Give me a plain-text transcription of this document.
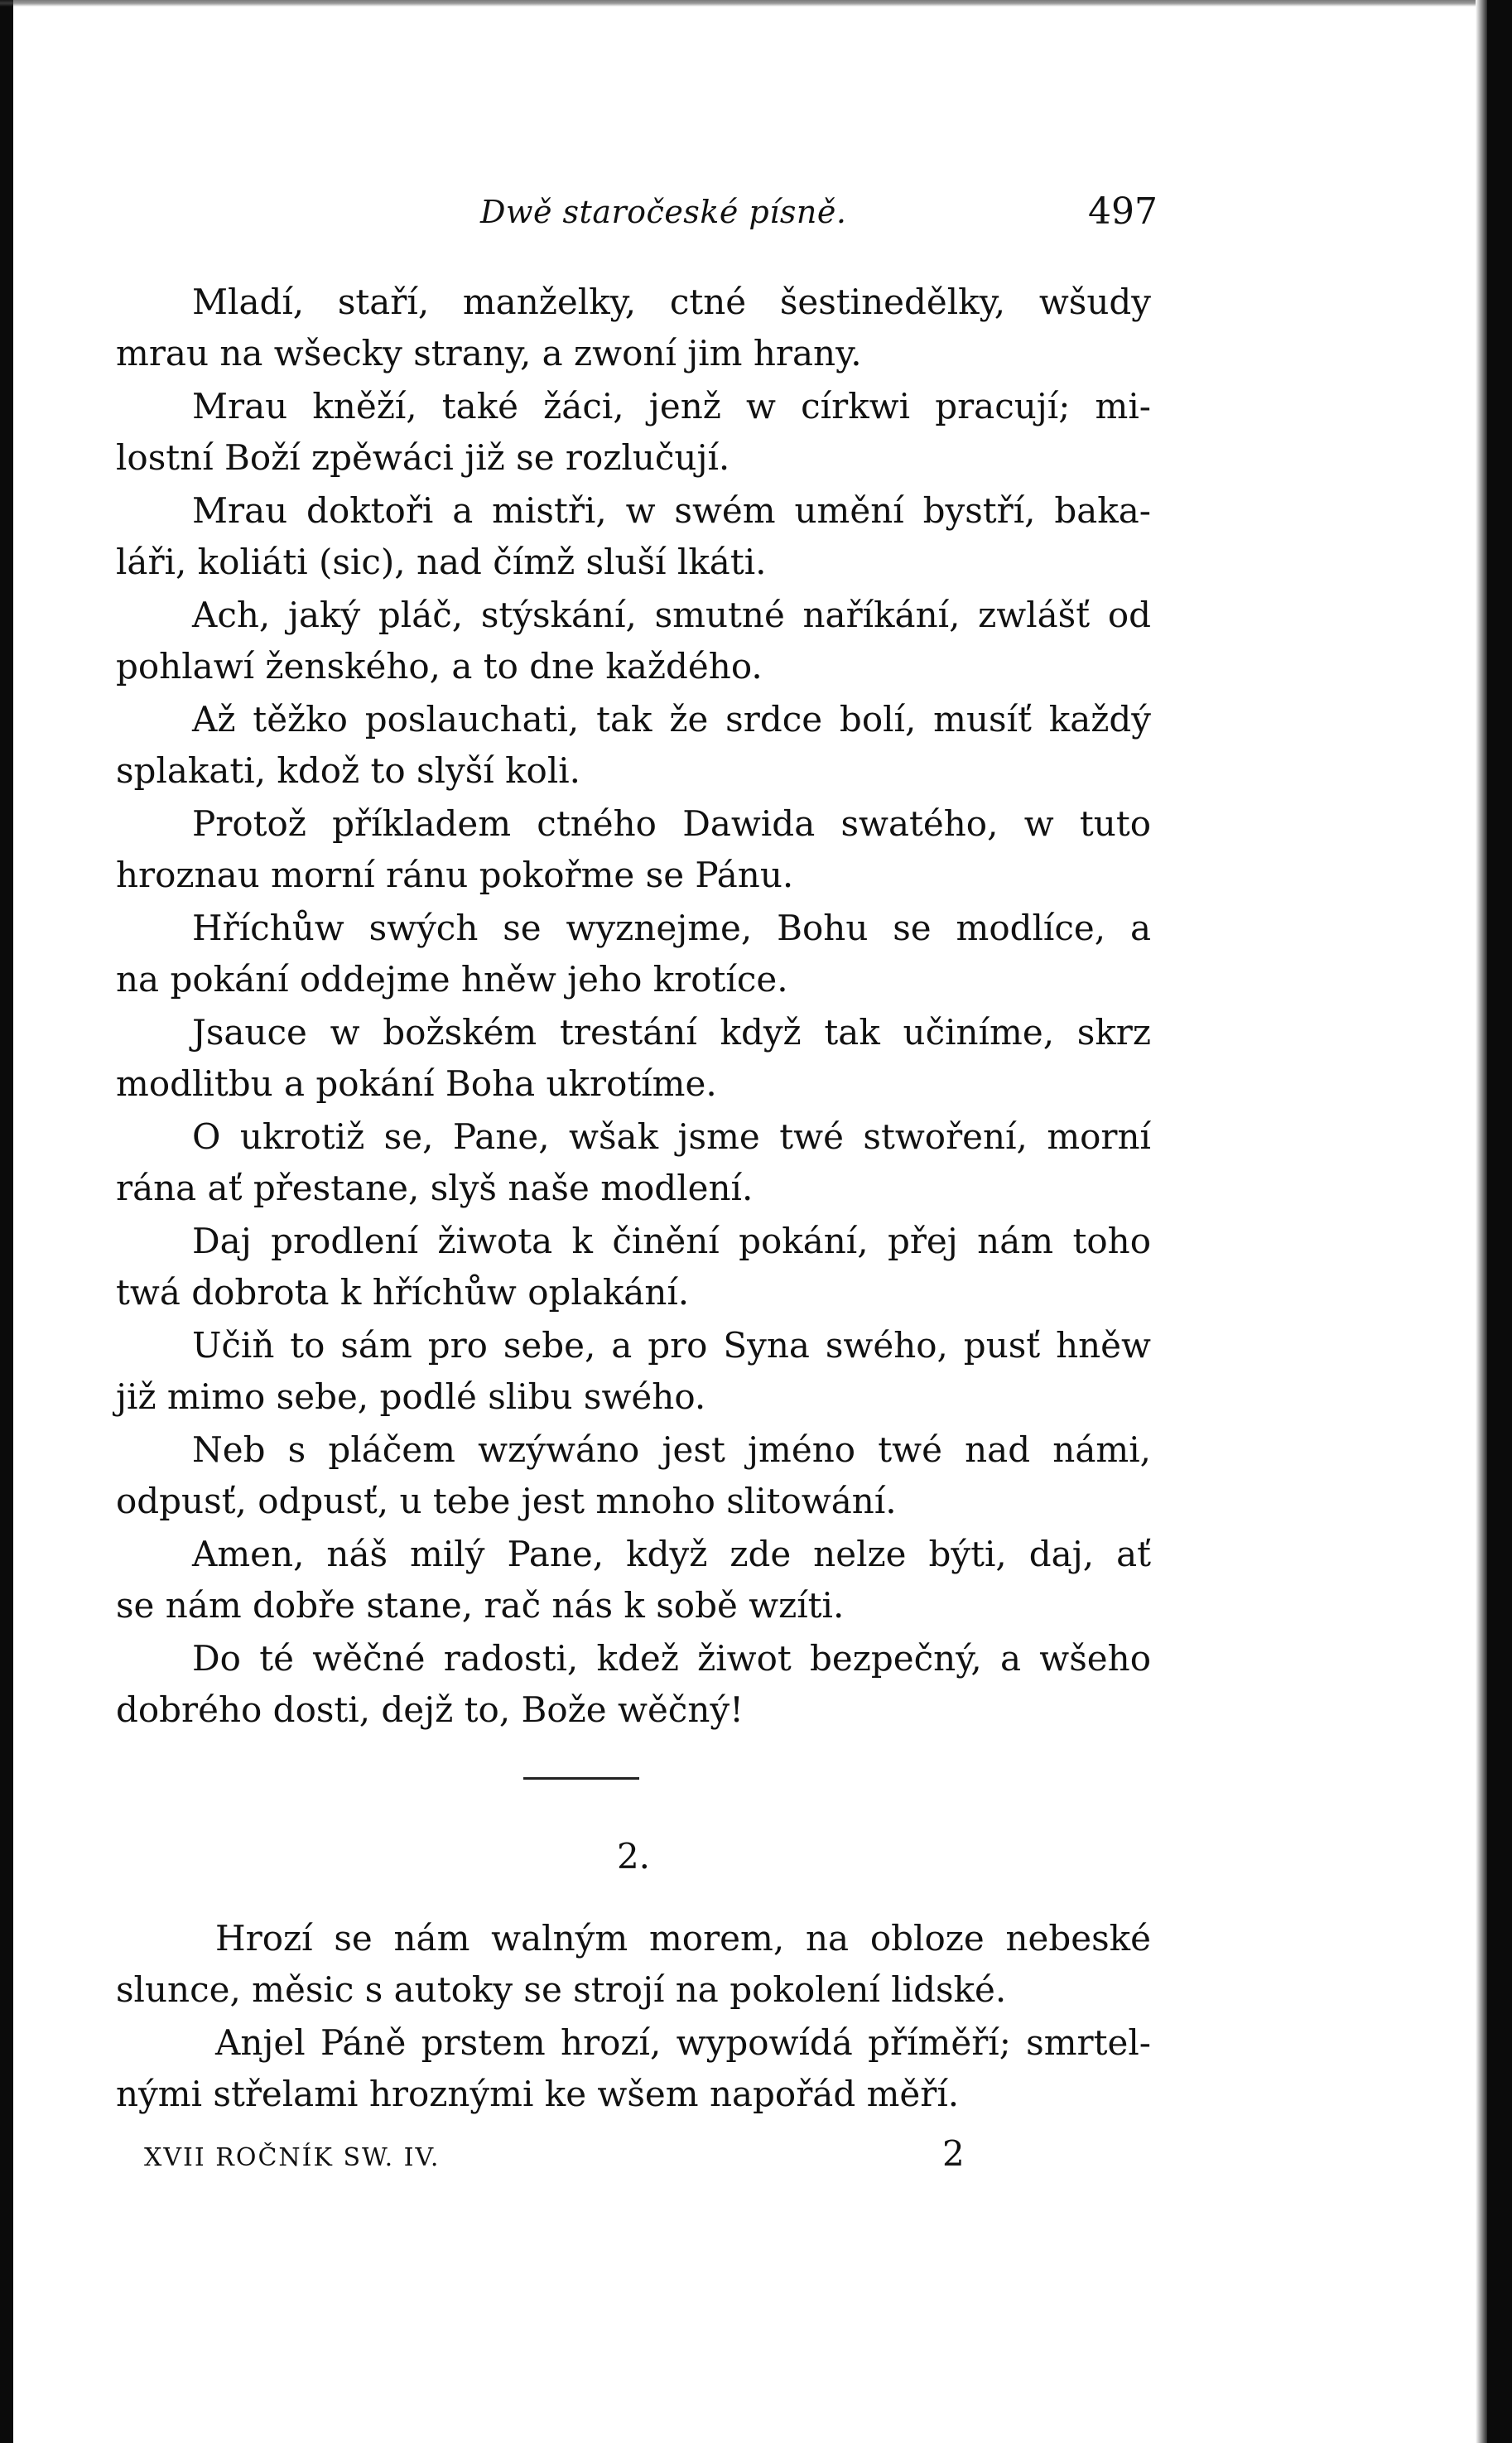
Dwě staročeské písně.	497

Mladí, staří, manželky, ctné šestinedělky, wšudy
mrau na wšecky strany, a zwoní jim hrany.

Mrau kněží, také žáci, jenž w církwi pracují; mi-
lostní Boží zpěwáci již se rozlučují.

Mrau doktoři a mistři, w swém umění bystří, baka-
láři, koliáti (sic), nad čímž sluší lkáti.

Ach, jaký pláč, stýskání, smutné naříkání, zwlášť od
pohlawí ženského, a to dne každého.

Až těžko poslauchati, tak že srdce bolí, musíť každý
splakati, kdož to slyší koli.

Protož příkladem ctného Dawida swatého, w tuto
hroznau morní ránu pokořme se Pánu.

Hříchůw swých se wyznejme, Bohu se modlíce, a
na pokání oddejme hněw jeho krotíce.

Jsauce w božském trestání když tak učiníme, skrz
modlitbu a pokání Boha ukrotíme.

O ukrotiž se, Pane, wšak jsme twé stwoření, morní
rána ať přestane, slyš naše modlení.

Daj prodlení žiwota k činění pokání, přej nám toho
twá dobrota k hříchůw oplakání.

Učiň to sám pro sebe, a pro Syna swého, pusť hněw
již mimo sebe, podlé slibu swého.

Neb s pláčem wzýwáno jest jméno twé nad námi,
odpusť, odpusť, u tebe jest mnoho slitowání.

Amen, náš milý Pane, když zde nelze býti, daj, ať
se nám dobře stane, rač nás k sobě wzíti.

Do té wěčné radosti, kdež žiwot bezpečný, a wšeho
dobrého dosti, dejž to, Bože wěčný!

2.

Hrozí se nám walným morem, na obloze nebeské
slunce, měsic s autoky se strojí na pokolení lidské.

Anjel Páně prstem hrozí, wypowídá příměří; smrtel-
nými střelami hroznými ke wšem napořád měří.

XVII ROČNÍK SW. IV.	2
